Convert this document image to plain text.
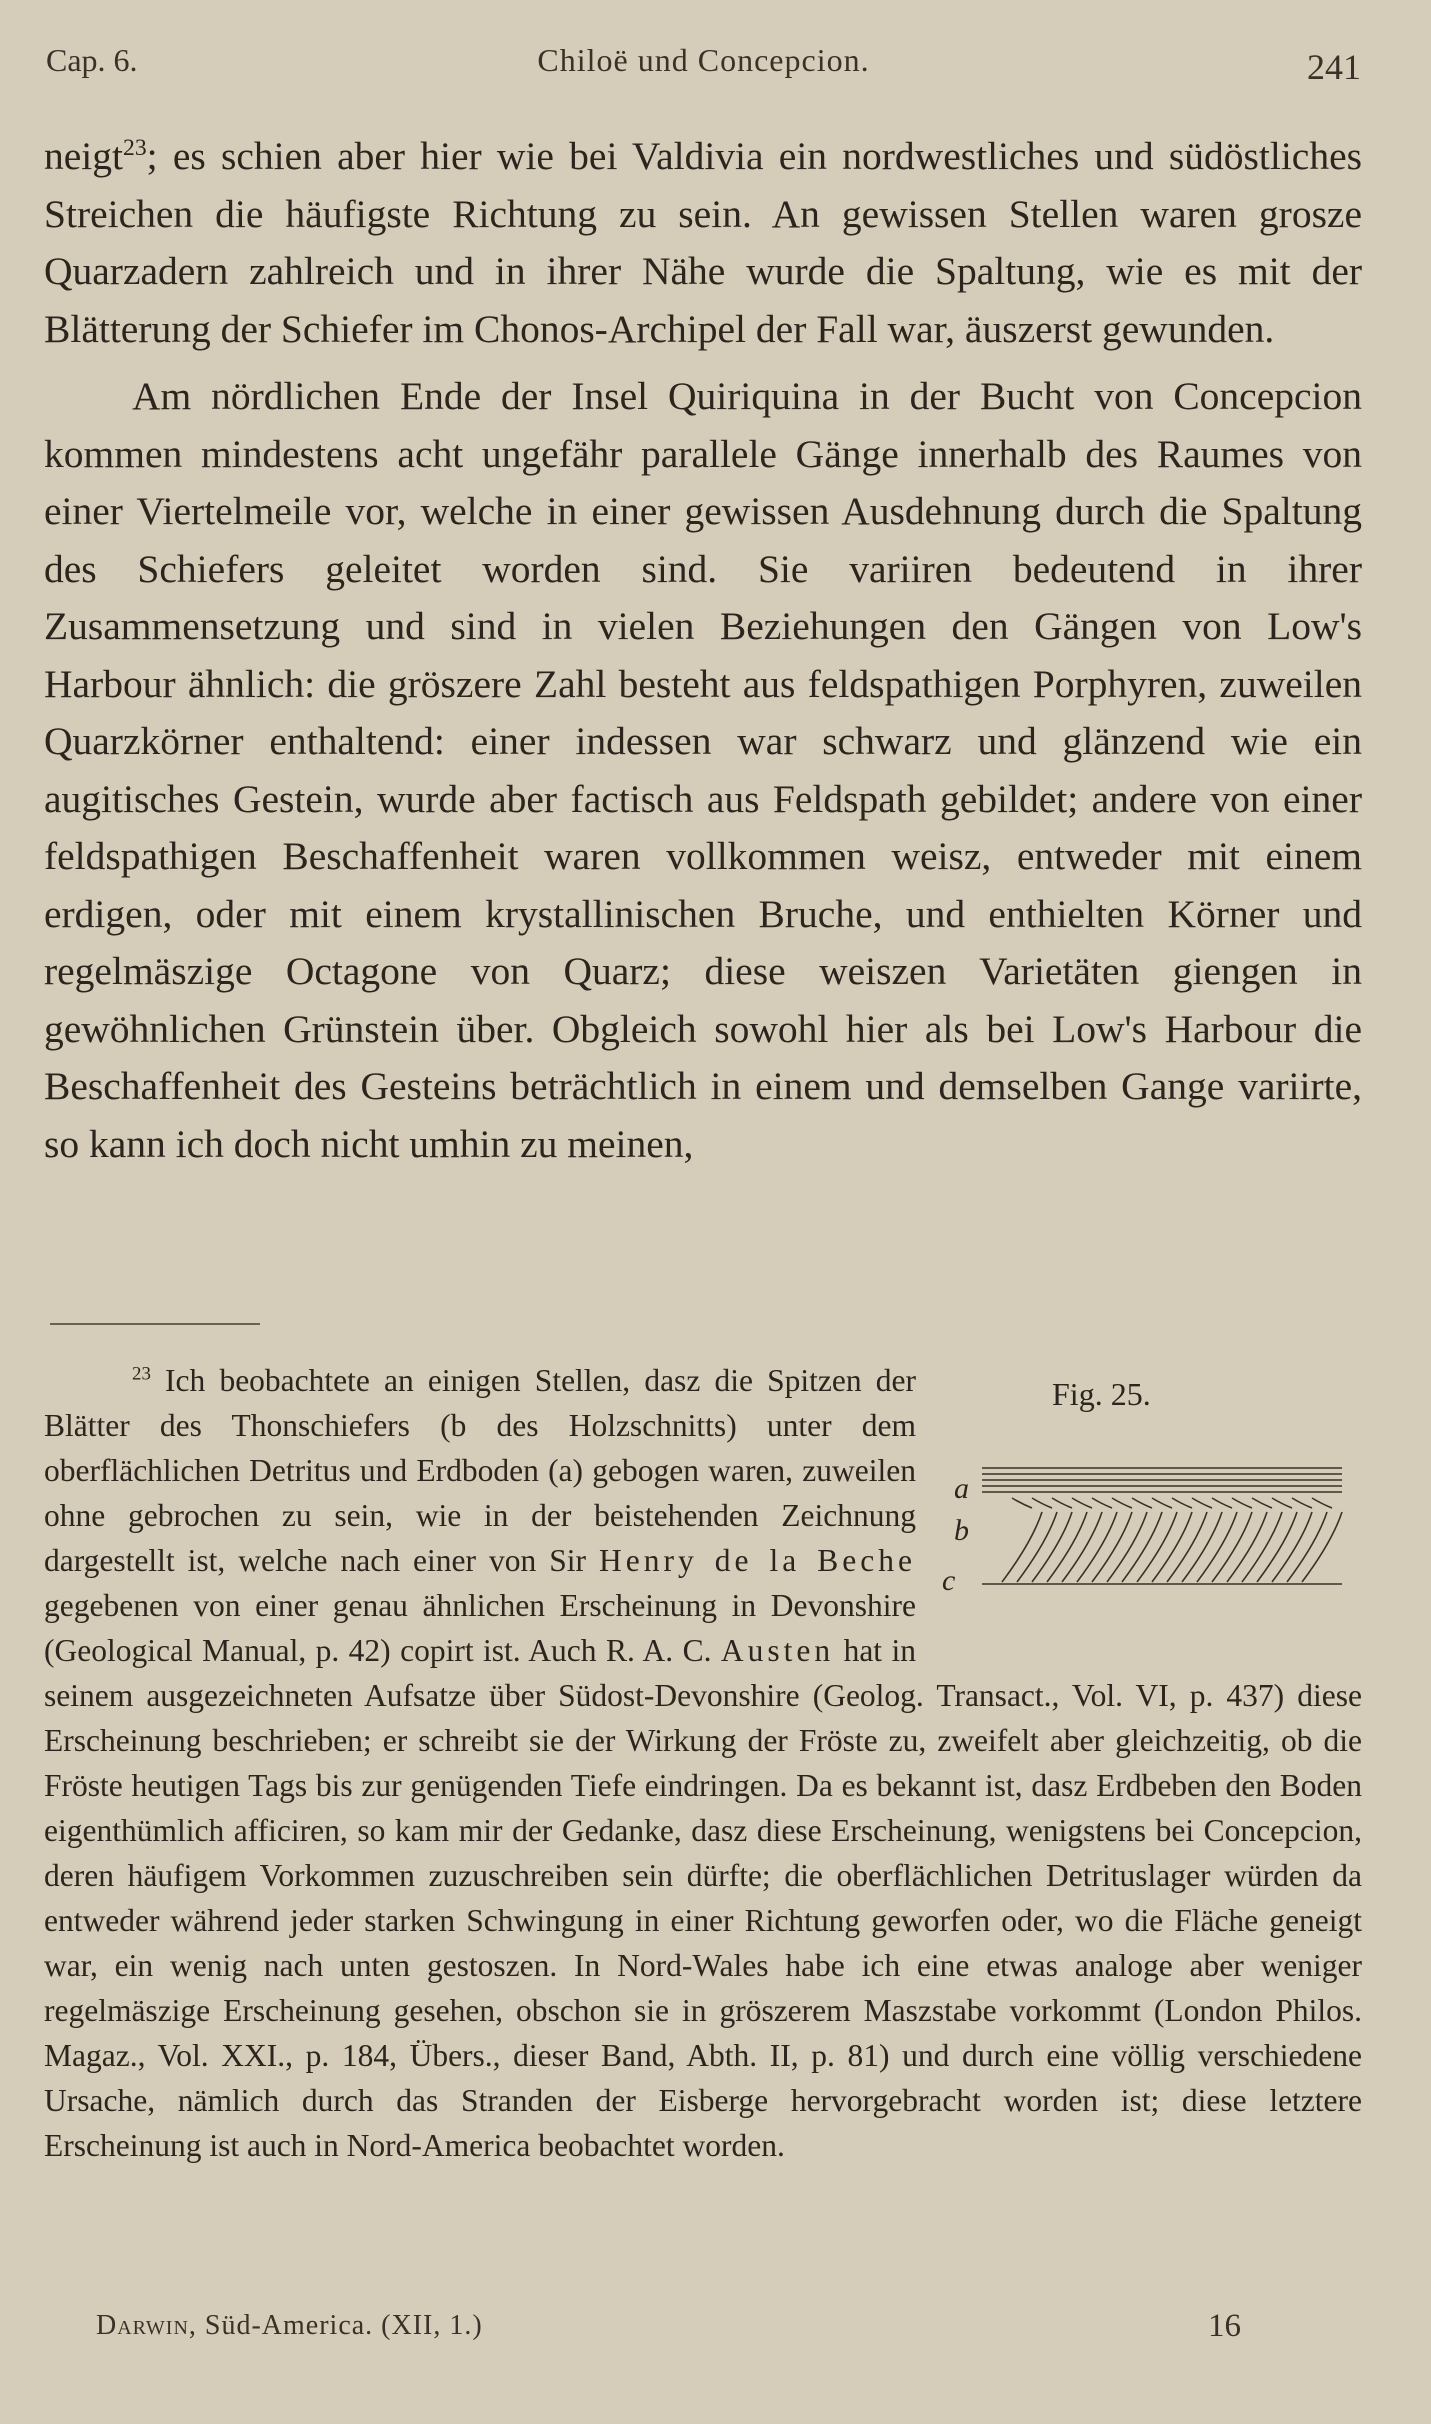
Cap. 6.	Chiloë und Concepcion.	241

neigt$^{23}$; es schien aber hier wie bei Valdivia ein nordwestliches und südöstliches Streichen die häufigste Richtung zu sein. An gewissen Stellen waren grosze Quarzadern zahlreich und in ihrer Nähe wurde die Spaltung, wie es mit der Blätterung der Schiefer im Chonos-Archipel der Fall war, äuszerst gewunden.

Am nördlichen Ende der Insel Quiriquina in der Bucht von Concepcion kommen mindestens acht ungefähr parallele Gänge innerhalb des Raumes von einer Viertelmeile vor, welche in einer gewissen Ausdehnung durch die Spaltung des Schiefers geleitet worden sind. Sie variiren bedeutend in ihrer Zusammensetzung und sind in vielen Beziehungen den Gängen von Low's Harbour ähnlich: die gröszere Zahl besteht aus feldspathigen Porphyren, zuweilen Quarzkörner enthaltend: einer indessen war schwarz und glänzend wie ein augitisches Gestein, wurde aber factisch aus Feldspath gebildet; andere von einer feldspathigen Beschaffenheit waren vollkommen weisz, entweder mit einem erdigen, oder mit einem krystallinischen Bruche, und enthielten Körner und regelmäszige Octagone von Quarz; diese weiszen Varietäten giengen in gewöhnlichen Grünstein über. Obgleich sowohl hier als bei Low's Harbour die Beschaffenheit des Gesteins beträchtlich in einem und demselben Gange variirte, so kann ich doch nicht umhin zu meinen,

Fig. 25.
a
b
c

$^{23}$ Ich beobachtete an einigen Stellen, dasz die Spitzen der Blätter des Thonschiefers (b des Holzschnitts) unter dem oberflächlichen Detritus und Erdboden (a) gebogen waren, zuweilen ohne gebrochen zu sein, wie in der beistehenden Zeichnung dargestellt ist, welche nach einer von Sir Henry de la Beche gegebenen von einer genau ähnlichen Erscheinung in Devonshire (Geological Manual, p. 42) copirt ist. Auch R. A. C. Austen hat in seinem ausgezeichneten Aufsatze über Südost-Devonshire (Geolog. Transact., Vol. VI, p. 437) diese Erscheinung beschrieben; er schreibt sie der Wirkung der Fröste zu, zweifelt aber gleichzeitig, ob die Fröste heutigen Tags bis zur genügenden Tiefe eindringen. Da es bekannt ist, dasz Erdbeben den Boden eigenthümlich afficiren, so kam mir der Gedanke, dasz diese Erscheinung, wenigstens bei Concepcion, deren häufigem Vorkommen zuzuschreiben sein dürfte; die oberflächlichen Detrituslager würden da entweder während jeder starken Schwingung in einer Richtung geworfen oder, wo die Fläche geneigt war, ein wenig nach unten gestoszen. In Nord-Wales habe ich eine etwas analoge aber weniger regelmäszige Erscheinung gesehen, obschon sie in gröszerem Maszstabe vorkommt (London Philos. Magaz., Vol. XXI., p. 184, Übers., dieser Band, Abth. II, p. 81) und durch eine völlig verschiedene Ursache, nämlich durch das Stranden der Eisberge hervorgebracht worden ist; diese letztere Erscheinung ist auch in Nord-America beobachtet worden.

Darwin, Süd-America. (XII, 1.)	16
